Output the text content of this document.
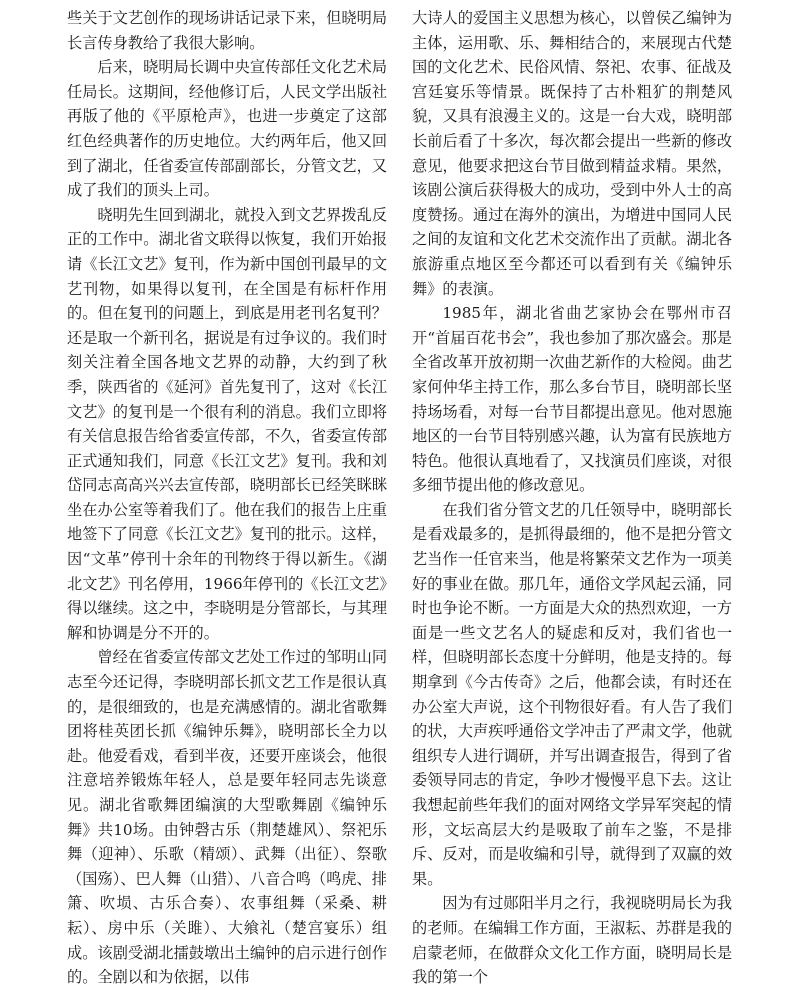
些关于文艺创作的现场讲话记录下来，但晓明局长言传身教给了我很大影响。

后来，晓明局长调中央宣传部任文化艺术局任局长。这期间，经他修订后，人民文学出版社再版了他的《平原枪声》，也进一步奠定了这部红色经典著作的历史地位。大约两年后，他又回到了湖北，任省委宣传部副部长，分管文艺，又成了我们的顶头上司。

晓明先生回到湖北，就投入到文艺界拨乱反正的工作中。湖北省文联得以恢复，我们开始报请《长江文艺》复刊，作为新中国创刊最早的文艺刊物，如果得以复刊，在全国是有标杆作用的。但在复刊的问题上，到底是用老刊名复刊？还是取一个新刊名，据说是有过争议的。我们时刻关注着全国各地文艺界的动静，大约到了秋季，陕西省的《延河》首先复刊了，这对《长江文艺》的复刊是一个很有利的消息。我们立即将有关信息报告给省委宣传部，不久，省委宣传部正式通知我们，同意《长江文艺》复刊。我和刘岱同志高高兴兴去宣传部，晓明部长已经笑眯眯坐在办公室等着我们了。他在我们的报告上庄重地签下了同意《长江文艺》复刊的批示。这样，因“文革”停刊十余年的刊物终于得以新生。《湖北文艺》刊名停用，1966年停刊的《长江文艺》得以继续。这之中，李晓明是分管部长，与其理解和协调是分不开的。

曾经在省委宣传部文艺处工作过的邹明山同志至今还记得，李晓明部长抓文艺工作是很认真的，是很细致的，也是充满感情的。湖北省歌舞团将桂英团长抓《编钟乐舞》，晓明部长全力以赴。他爱看戏，看到半夜，还要开座谈会，他很注意培养锻炼年轻人，总是要年轻同志先谈意见。湖北省歌舞团编演的大型歌舞剧《编钟乐舞》共10场。由钟磬古乐（荆楚雄风）、祭祀乐舞（迎神）、乐歌（精颂）、武舞（出征）、祭歌（国殇）、巴人舞（山猎）、八音合鸣（鸣虎、排箫、吹埙、古乐合奏）、农事组舞（采桑、耕耘）、房中乐（关雎）、大飨礼（楚宫宴乐）组成。该剧受湖北擂鼓墩出土编钟的启示进行创作的。全剧以和为依据，以伟

大诗人的爱国主义思想为核心，以曾侯乙编钟为主体，运用歌、乐、舞相结合的，来展现古代楚国的文化艺术、民俗风情、祭祀、农事、征战及宫廷宴乐等情景。既保持了古朴粗犷的荆楚风貌，又具有浪漫主义的。这是一台大戏，晓明部长前后看了十多次，每次都会提出一些新的修改意见，他要求把这台节目做到精益求精。果然，该剧公演后获得极大的成功，受到中外人士的高度赞扬。通过在海外的演出，为增进中国同人民之间的友谊和文化艺术交流作出了贡献。湖北各旅游重点地区至今都还可以看到有关《编钟乐舞》的表演。

1985年，湖北省曲艺家协会在鄂州市召开“首届百花书会”，我也参加了那次盛会。那是全省改革开放初期一次曲艺新作的大检阅。曲艺家何仲华主持工作，那么多台节目，晓明部长坚持场场看，对每一台节目都提出意见。他对恩施地区的一台节目特别感兴趣，认为富有民族地方特色。他很认真地看了，又找演员们座谈，对很多细节提出他的修改意见。

在我们省分管文艺的几任领导中，晓明部长是看戏最多的，是抓得最细的，他不是把分管文艺当作一任官来当，他是将繁荣文艺作为一项美好的事业在做。那几年，通俗文学风起云涌，同时也争论不断。一方面是大众的热烈欢迎，一方面是一些文艺名人的疑虑和反对，我们省也一样，但晓明部长态度十分鲜明，他是支持的。每期拿到《今古传奇》之后，他都会读，有时还在办公室大声说，这个刊物很好看。有人告了我们的状，大声疾呼通俗文学冲击了严肃文学，他就组织专人进行调研，并写出调查报告，得到了省委领导同志的肯定，争吵才慢慢平息下去。这让我想起前些年我们的面对网络文学异军突起的情形，文坛高层大约是吸取了前车之鉴，不是排斥、反对，而是收编和引导，就得到了双赢的效果。

因为有过郧阳半月之行，我视晓明局长为我的老师。在编辑工作方面，王淑耘、苏群是我的启蒙老师，在做群众文化工作方面，晓明局长是我的第一个
